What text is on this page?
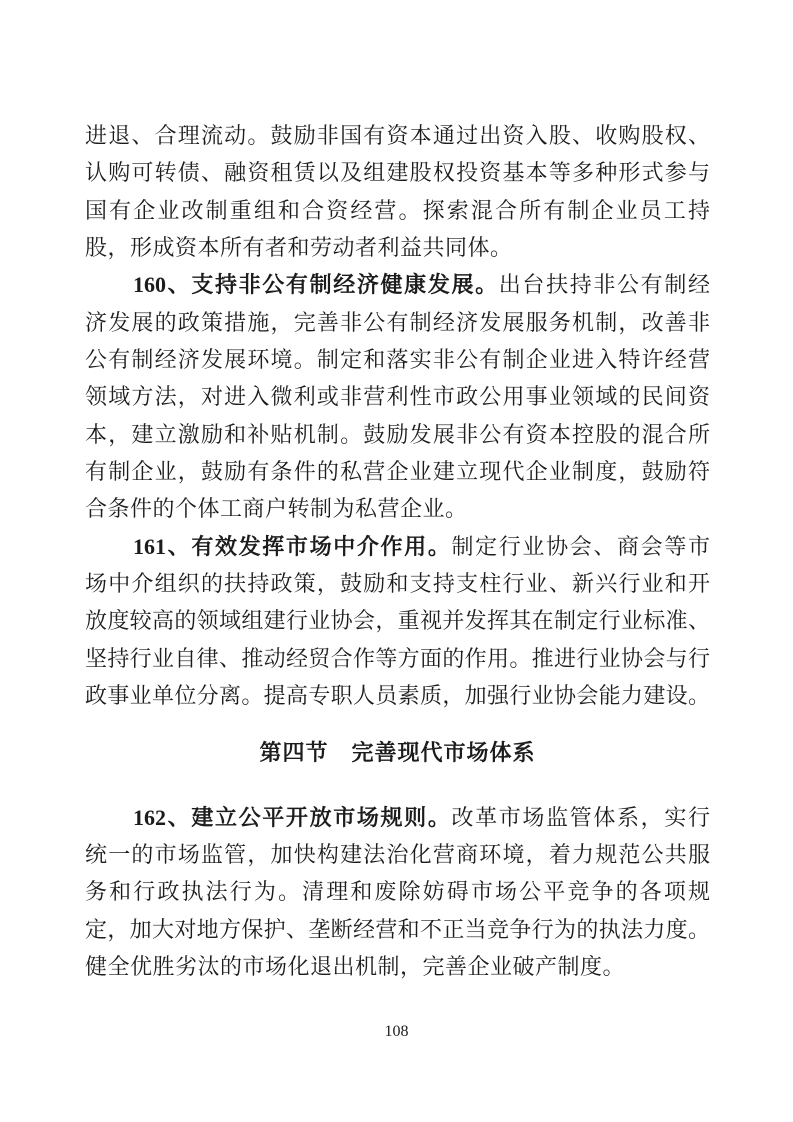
进退、合理流动。鼓励非国有资本通过出资入股、收购股权、
认购可转债、融资租赁以及组建股权投资基本等多种形式参与
国有企业改制重组和合资经营。探索混合所有制企业员工持
股，形成资本所有者和劳动者利益共同体。
160、支持非公有制经济健康发展。出台扶持非公有制经
济发展的政策措施，完善非公有制经济发展服务机制，改善非
公有制经济发展环境。制定和落实非公有制企业进入特许经营
领域方法，对进入微利或非营利性市政公用事业领域的民间资
本，建立激励和补贴机制。鼓励发展非公有资本控股的混合所
有制企业，鼓励有条件的私营企业建立现代企业制度，鼓励符
合条件的个体工商户转制为私营企业。
161、有效发挥市场中介作用。制定行业协会、商会等市
场中介组织的扶持政策，鼓励和支持支柱行业、新兴行业和开
放度较高的领域组建行业协会，重视并发挥其在制定行业标准、
坚持行业自律、推动经贸合作等方面的作用。推进行业协会与行
政事业单位分离。提高专职人员素质，加强行业协会能力建设。
第四节　完善现代市场体系
162、建立公平开放市场规则。改革市场监管体系，实行
统一的市场监管，加快构建法治化营商环境，着力规范公共服
务和行政执法行为。清理和废除妨碍市场公平竞争的各项规
定，加大对地方保护、垄断经营和不正当竞争行为的执法力度。
健全优胜劣汰的市场化退出机制，完善企业破产制度。
108
